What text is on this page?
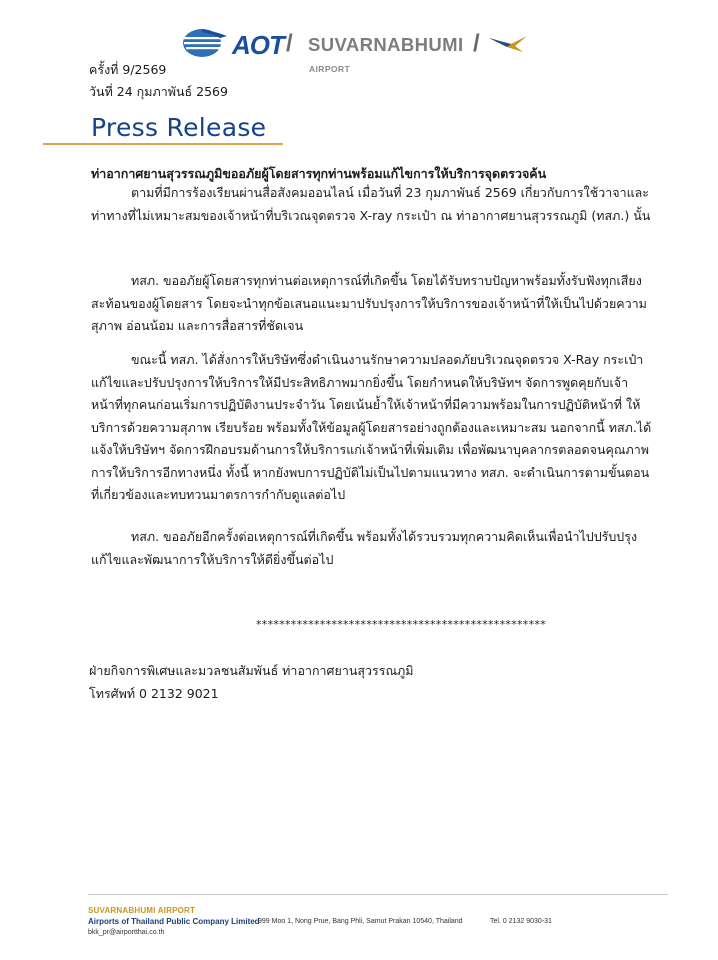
AOT / SUVARNABHUMI /
AIRPORT
ครั้งที่ 9/2569
วันที่ 24 กุมภาพันธ์ 2569
Press Release
ท่าอากาศยานสุวรรณภูมิขออภัยผู้โดยสารทุกท่านพร้อมแก้ไขการให้บริการจุดตรวจค้น

ตามที่มีการร้องเรียนผ่านสื่อสังคมออนไลน์ เมื่อวันที่ 23 กุมภาพันธ์ 2569 เกี่ยวกับการใช้วาจาและท่าทางที่ไม่เหมาะสมของเจ้าหน้าที่บริเวณจุดตรวจ X-ray กระเป๋า ณ ท่าอากาศยานสุวรรณภูมิ (ทสภ.) นั้น

ทสภ. ขออภัยผู้โดยสารทุกท่านต่อเหตุการณ์ที่เกิดขึ้น โดยได้รับทราบปัญหาพร้อมทั้งรับฟังทุกเสียงสะท้อนของผู้โดยสาร โดยจะนำทุกข้อเสนอแนะมาปรับปรุงการให้บริการของเจ้าหน้าที่ให้เป็นไปด้วยความสุภาพ อ่อนน้อม และการสื่อสารที่ชัดเจน

ขณะนี้ ทสภ. ได้สั่งการให้บริษัทซึ่งดำเนินงานรักษาความปลอดภัยบริเวณจุดตรวจ X-Ray กระเป๋า แก้ไขและปรับปรุงการให้บริการให้มีประสิทธิภาพมากยิ่งขึ้น โดยกำหนดให้บริษัทฯ จัดการพูดคุยกับเจ้าหน้าที่ทุกคนก่อนเริ่มการปฏิบัติงานประจำวัน โดยเน้นย้ำให้เจ้าหน้าที่มีความพร้อมในการปฏิบัติหน้าที่ ให้บริการด้วยความสุภาพ เรียบร้อย พร้อมทั้งให้ข้อมูลผู้โดยสารอย่างถูกต้องและเหมาะสม นอกจากนี้ ทสภ.ได้แจ้งให้บริษัทฯ จัดการฝึกอบรมด้านการให้บริการแก่เจ้าหน้าที่เพิ่มเติม เพื่อพัฒนาบุคลากรตลอดจนคุณภาพการให้บริการอีกทางหนึ่ง ทั้งนี้ หากยังพบการปฏิบัติไม่เป็นไปตามแนวทาง ทสภ. จะดำเนินการตามขั้นตอนที่เกี่ยวข้องและทบทวนมาตรการกำกับดูแลต่อไป

ทสภ. ขออภัยอีกครั้งต่อเหตุการณ์ที่เกิดขึ้น พร้อมทั้งได้รวบรวมทุกความคิดเห็นเพื่อนำไปปรับปรุงแก้ไขและพัฒนาการให้บริการให้ดียิ่งขึ้นต่อไป

**************************************************
ฝ่ายกิจการพิเศษและมวลชนสัมพันธ์ ท่าอากาศยานสุวรรณภูมิ
โทรศัพท์ 0 2132 9021
SUVARNABHUMI AIRPORT
Airports of Thailand Public Company Limited
999 Moo 1, Nong Prue, Bang Phli, Samut Prakan 10540, Thailand	Tel. 0 2132 9030-31
bkk_pr@airportthai.co.th
